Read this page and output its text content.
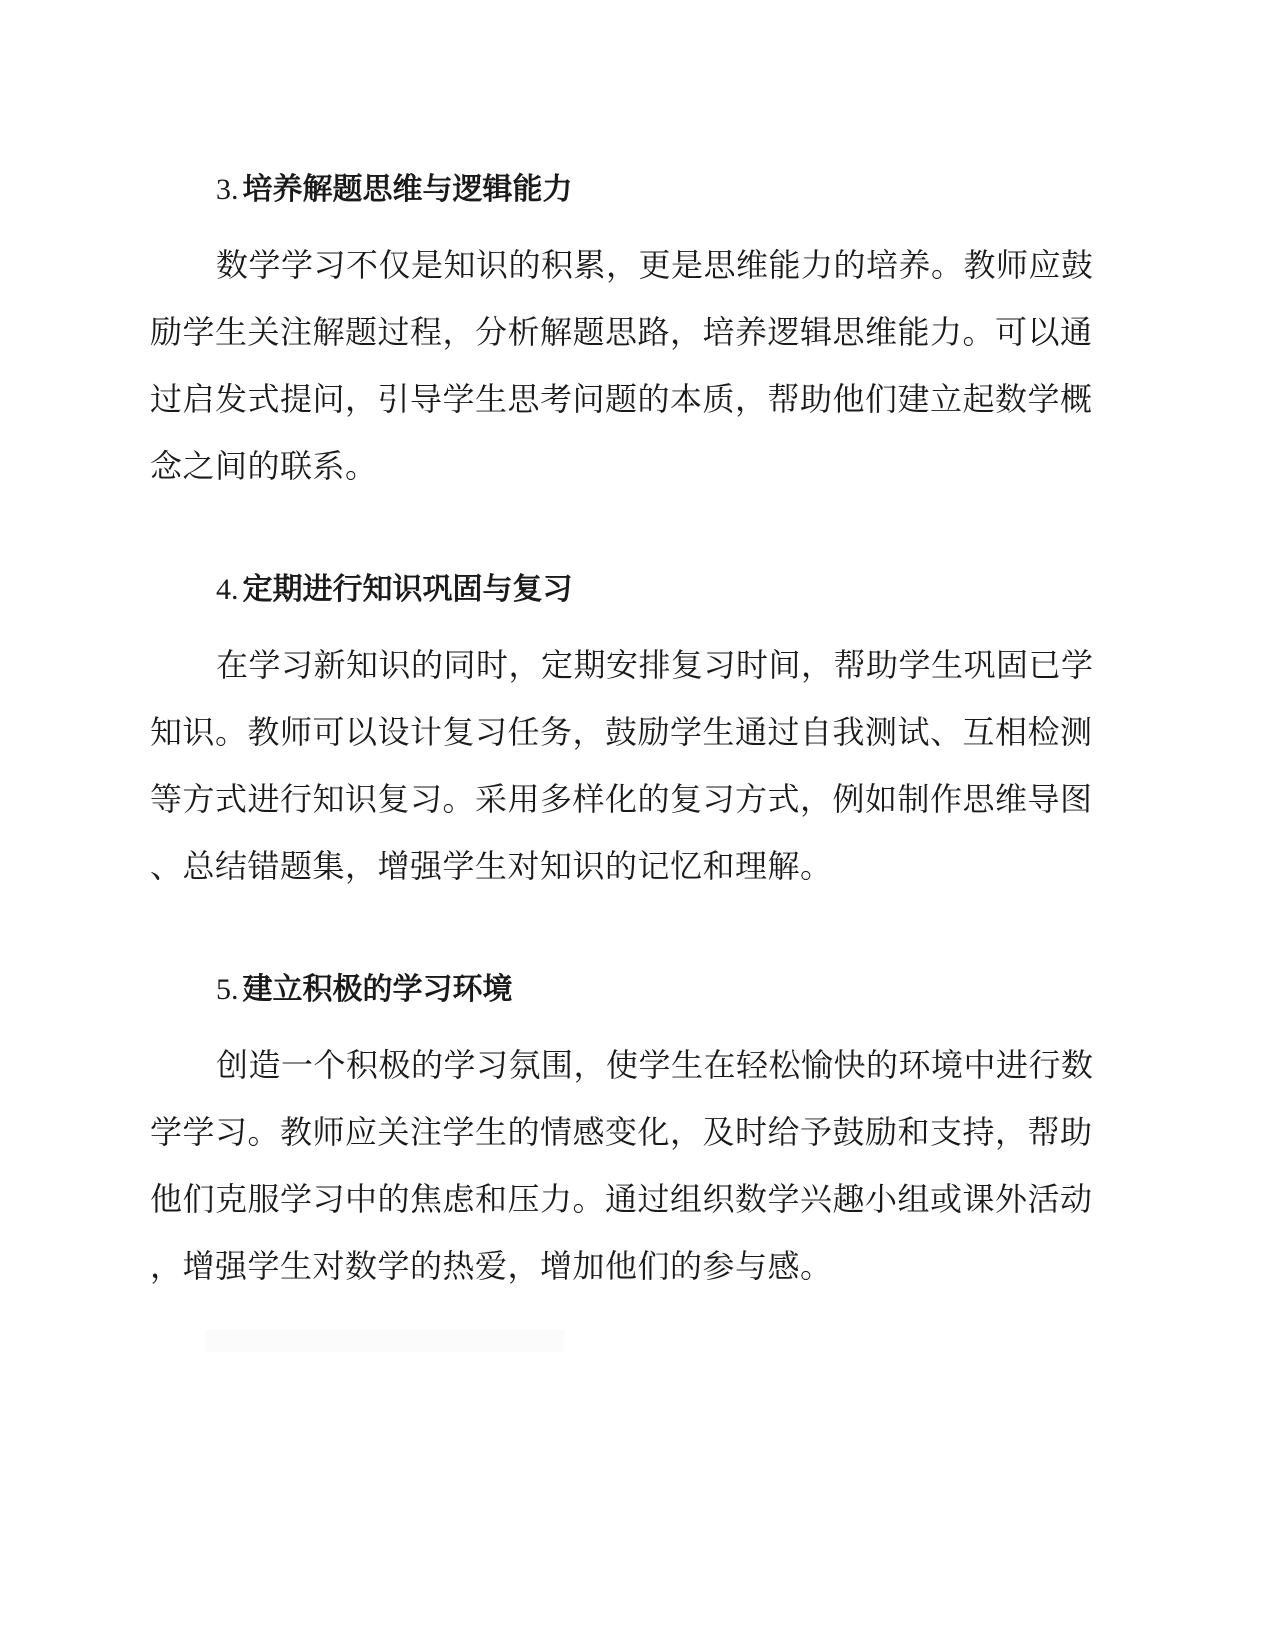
3. 培养解题思维与逻辑能力
数学学习不仅是知识的积累，更是思维能力的培养。教师应鼓
励学生关注解题过程，分析解题思路，培养逻辑思维能力。可以通
过启发式提问，引导学生思考问题的本质，帮助他们建立起数学概
念之间的联系。
4. 定期进行知识巩固与复习
在学习新知识的同时，定期安排复习时间，帮助学生巩固已学
知识。教师可以设计复习任务，鼓励学生通过自我测试、互相检测
等方式进行知识复习。采用多样化的复习方式，例如制作思维导图
、总结错题集，增强学生对知识的记忆和理解。
5. 建立积极的学习环境
创造一个积极的学习氛围，使学生在轻松愉快的环境中进行数
学学习。教师应关注学生的情感变化，及时给予鼓励和支持，帮助
他们克服学习中的焦虑和压力。通过组织数学兴趣小组或课外活动
，增强学生对数学的热爱，增加他们的参与感。
